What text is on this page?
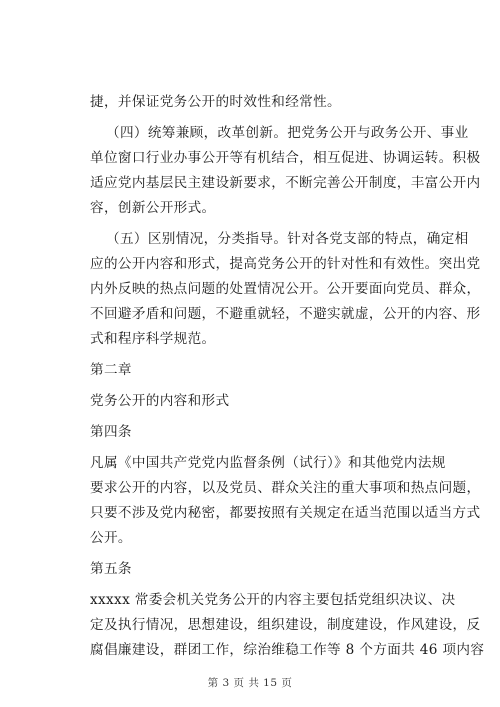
捷，并保证党务公开的时效性和经常性。
（四）统筹兼顾，改革创新。把党务公开与政务公开、事业
单位窗口行业办事公开等有机结合，相互促进、协调运转。积极
适应党内基层民主建设新要求，不断完善公开制度，丰富公开内
容，创新公开形式。
（五）区别情况，分类指导。针对各党支部的特点，确定相
应的公开内容和形式，提高党务公开的针对性和有效性。突出党
内外反映的热点问题的处置情况公开。公开要面向党员、群众，
不回避矛盾和问题，不避重就轻，不避实就虚，公开的内容、形
式和程序科学规范。
第二章
党务公开的内容和形式
第四条
凡属《中国共产党党内监督条例（试行）》和其他党内法规
要求公开的内容，以及党员、群众关注的重大事项和热点问题，
只要不涉及党内秘密，都要按照有关规定在适当范围以适当方式
公开。
第五条
xxxxx 常委会机关党务公开的内容主要包括党组织决议、决
定及执行情况，思想建设，组织建设，制度建设，作风建设，反
腐倡廉建设，群团工作，综治维稳工作等 8 个方面共 46 项内容
第 3 页 共 15 页
